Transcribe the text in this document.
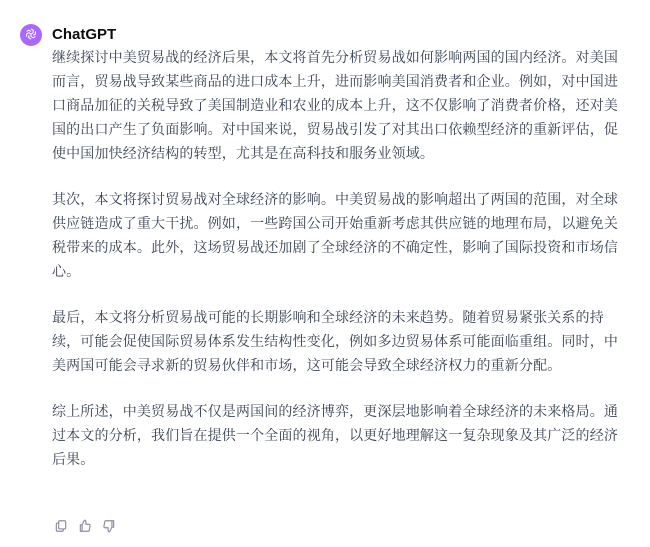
ChatGPT

继续探讨中美贸易战的经济后果，本文将首先分析贸易战如何影响两国的国内经济。对美国而言，贸易战导致某些商品的进口成本上升，进而影响美国消费者和企业。例如，对中国进口商品加征的关税导致了美国制造业和农业的成本上升，这不仅影响了消费者价格，还对美国的出口产生了负面影响。对中国来说，贸易战引发了对其出口依赖型经济的重新评估，促使中国加快经济结构的转型，尤其是在高科技和服务业领域。

其次，本文将探讨贸易战对全球经济的影响。中美贸易战的影响超出了两国的范围，对全球供应链造成了重大干扰。例如，一些跨国公司开始重新考虑其供应链的地理布局，以避免关税带来的成本。此外，这场贸易战还加剧了全球经济的不确定性，影响了国际投资和市场信心。

最后，本文将分析贸易战可能的长期影响和全球经济的未来趋势。随着贸易紧张关系的持续，可能会促使国际贸易体系发生结构性变化，例如多边贸易体系可能面临重组。同时，中美两国可能会寻求新的贸易伙伴和市场，这可能会导致全球经济权力的重新分配。

综上所述，中美贸易战不仅是两国间的经济博弈，更深层地影响着全球经济的未来格局。通过本文的分析，我们旨在提供一个全面的视角，以更好地理解这一复杂现象及其广泛的经济后果。
